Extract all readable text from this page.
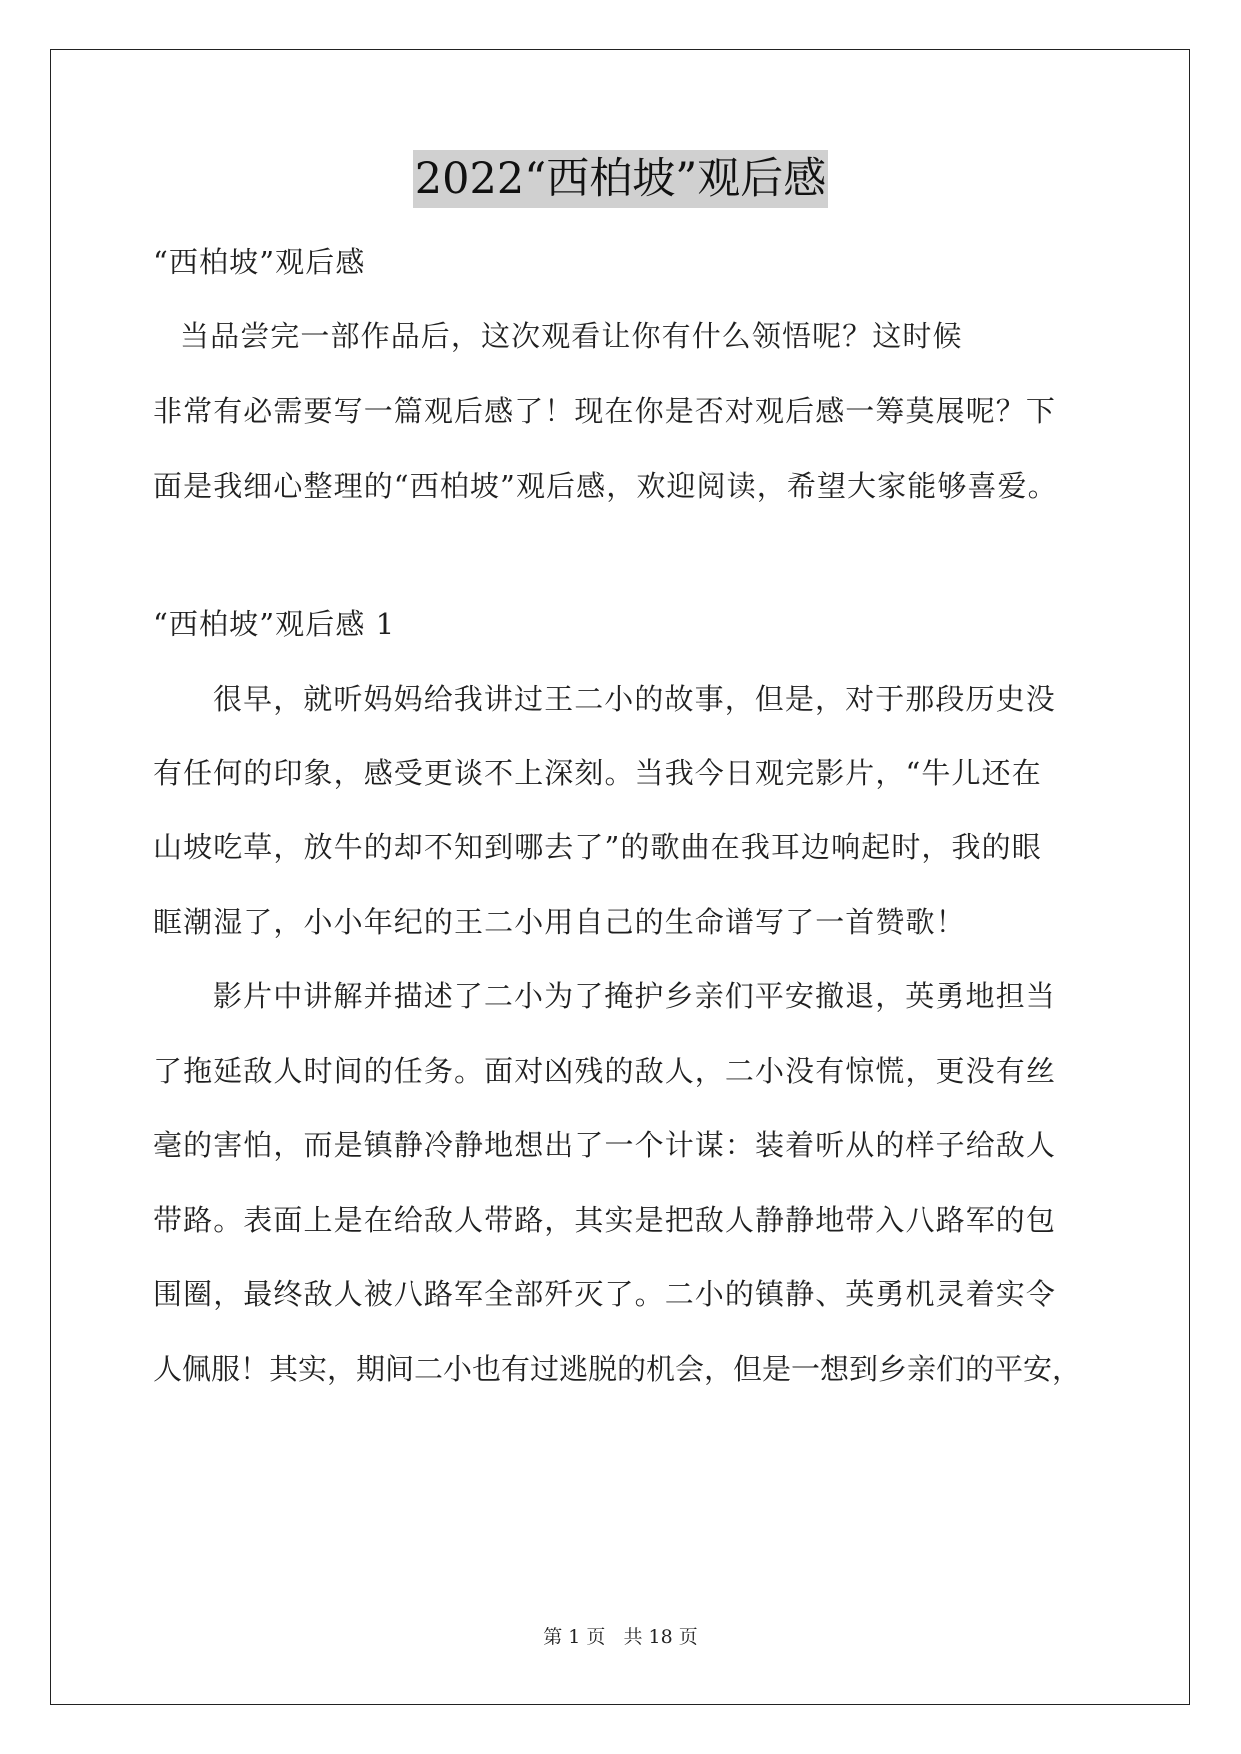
2022“西柏坡”观后感
“西柏坡”观后感
当品尝完一部作品后，这次观看让你有什么领悟呢？这时候
非常有必需要写一篇观后感了！现在你是否对观后感一筹莫展呢？下
面是我细心整理的“西柏坡”观后感，欢迎阅读，希望大家能够喜爱。
“西柏坡”观后感 1
很早，就听妈妈给我讲过王二小的故事，但是，对于那段历史没
有任何的印象，感受更谈不上深刻。当我今日观完影片，“牛儿还在
山坡吃草，放牛的却不知到哪去了”的歌曲在我耳边响起时，我的眼
眶潮湿了，小小年纪的王二小用自己的生命谱写了一首赞歌！
影片中讲解并描述了二小为了掩护乡亲们平安撤退，英勇地担当
了拖延敌人时间的任务。面对凶残的敌人，二小没有惊慌，更没有丝
毫的害怕，而是镇静冷静地想出了一个计谋：装着听从的样子给敌人
带路。表面上是在给敌人带路，其实是把敌人静静地带入八路军的包
围圈，最终敌人被八路军全部歼灭了。二小的镇静、英勇机灵着实令
人佩服！其实，期间二小也有过逃脱的机会，但是一想到乡亲们的平安，
第 1 页   共 18 页
